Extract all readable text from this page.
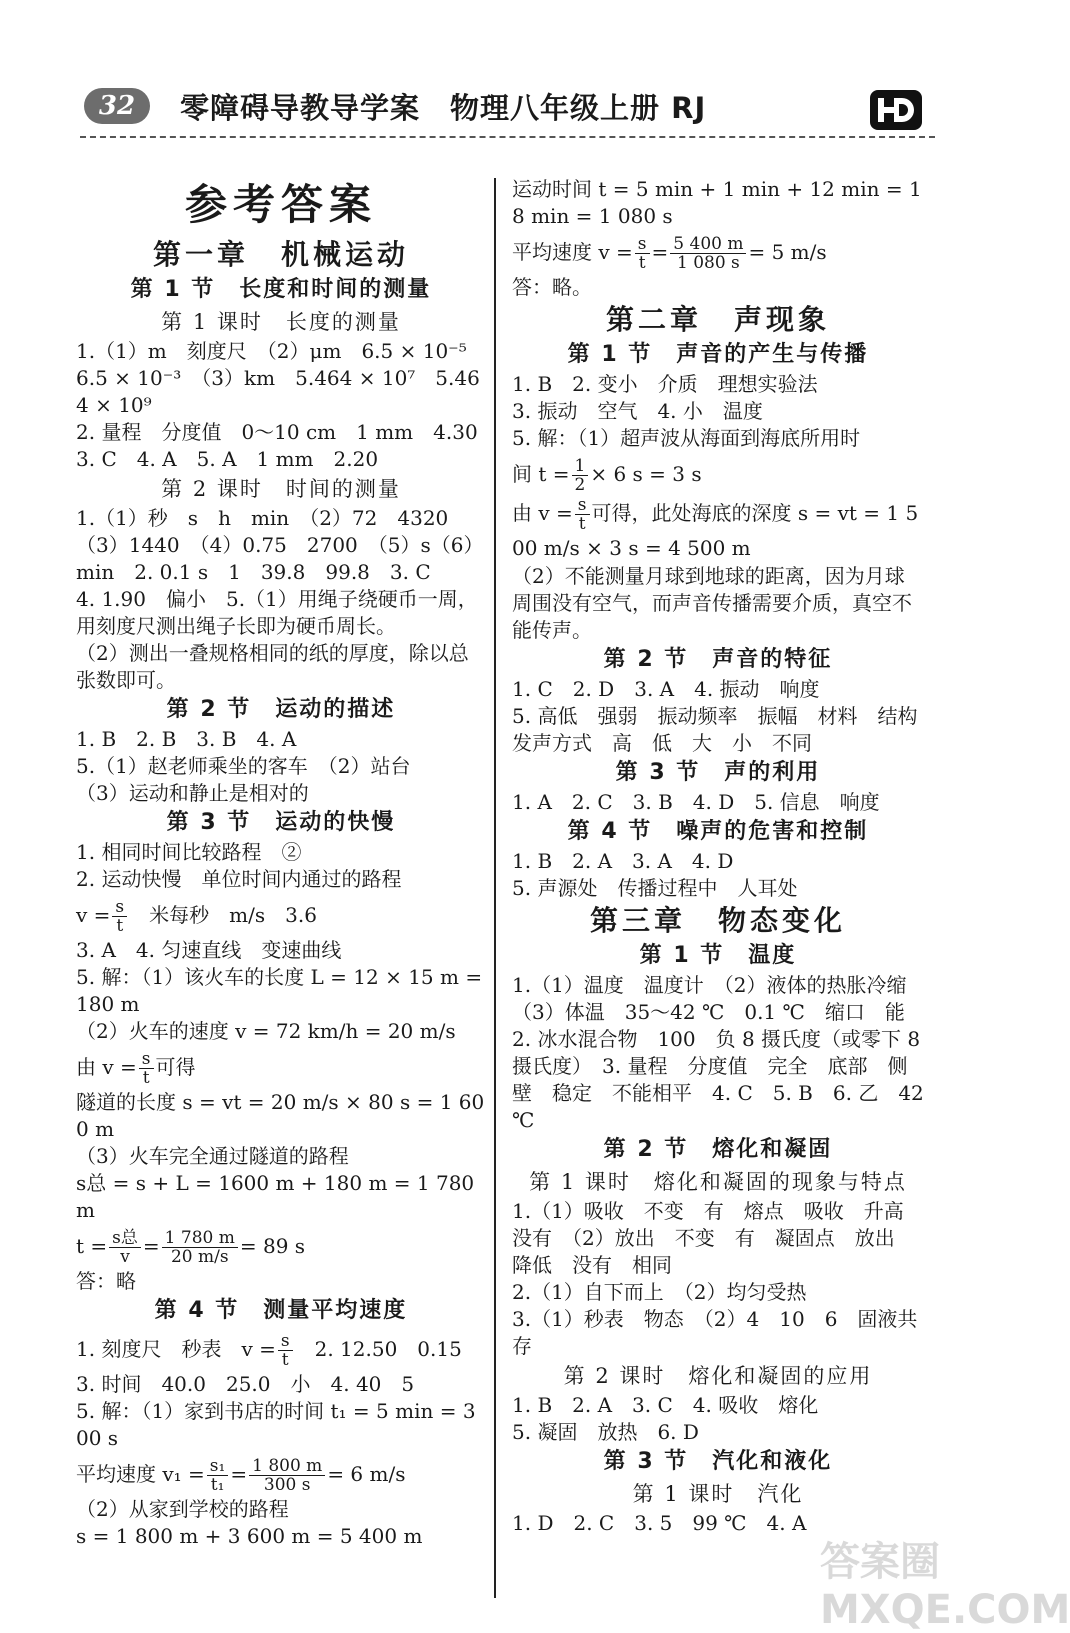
32	零障碍导教导学案 物理八年级上册 RJ

参考答案

第一章　机械运动

第 1 节　长度和时间的测量

第 1 课时　长度的测量

1.（1）m　刻度尺　（2）μm　6.5 × 10⁻⁵　6.5 × 10⁻³　（3）km　5.464 × 10⁷　5.464 × 10⁹

2. 量程　分度值　0～10 cm　1 mm　4.30

3. C　4. A　5. A　1 mm　2.20

第 2 课时　时间的测量

1.（1）秒　s　h　min　（2）72　4320（3）1440　（4）0.75　2700　（5）s（6）min　2. 0.1 s　1　39.8　99.8　3. C

4. 1.90　偏小　5.（1）用绳子绕硬币一周，用刻度尺测出绳子长即为硬币周长。

（2）测出一叠规格相同的纸的厚度，除以总张数即可。

第 2 节　运动的描述

1. B　2. B　3. B　4. A

5.（1）赵老师乘坐的客车　（2）站台

（3）运动和静止是相对的

第 3 节　运动的快慢

1. 相同时间比较路程　②

2. 运动快慢　单位时间内通过的路程

$v = \frac{s}{t}$
　 米每秒　m/s　3.6

3. A　4. 匀速直线　变速曲线

5. 解：（1）该火车的长度 L = 12 × 15 m = 180 m

（2）火车的速度 v = 72 km/h = 20 m/s

由 $v = \frac{s}{t}$ 可得

隧道的长度 s = vt = 20 m/s × 80 s = 1 600 m

（3）火车完全通过隧道的路程

s总 = s + L = 1600 m + 180 m = 1 780 m

$t = \frac{\text{s总}}{v} = \frac{1 780 m}{20 m/s} = 89$ s

答：略

第 4 节　测量平均速度

1. 刻度尺　秒表　$v = \frac{s}{t}$
　 2. 12.50　0.15

3. 时间　40.0　25.0　小　4. 40　5

5. 解：（1）家到书店的时间 t₁ = 5 min = 300 s

平均速度 $v_1 = \frac{\text{s₁}}{\text{t₁}} = \frac{1 800 m}{300 s} = 6$ m/s

（2）从家到学校的路程

s = 1 800 m + 3 600 m = 5 400 m

运动时间 t = 5 min + 1 min + 12 min = 18 min = 1 080 s

平均速度 $v = \frac{s}{t} = \frac{5 400 m}{1 080 s} = 5$ m/s

答：略。

第二章　声现象

第 1 节　声音的产生与传播

1. B　2. 变小　介质　理想实验法

3. 振动　空气　4. 小　温度

5. 解：（1）超声波从海面到海底所用时

间 $t = \frac{1}{2} \times 6$ s = 3 s

由 $v = \frac{s}{t}$ 可得，此处海底的深度 s = vt = 1 500 m/s × 3 s = 4 500 m

（2）不能测量月球到地球的距离，因为月球周围没有空气，而声音传播需要介质，真空不能传声。

第 2 节　声音的特征

1. C　2. D　3. A　4. 振动　响度

5. 高低　强弱　振动频率　振幅　材料　结构　发声方式　高　低　大　小　不同

第 3 节　声的利用

1. A　2. C　3. B　4. D　5. 信息　响度

第 4 节　噪声的危害和控制

1. B　2. A　3. A　4. D

5. 声源处　传播过程中　人耳处

第三章　物态变化

第 1 节　温度

1.（1）温度　温度计　（2）液体的热胀冷缩　（3）体温　35～42 ℃　0.1 ℃　缩口　能　2. 冰水混合物　100　负 8 摄氏度（或零下 8 摄氏度）　3. 量程　分度值　完全　底部　侧壁　稳定　不能相平　4. C　5. B　6. 乙　42 ℃

第 2 节　熔化和凝固

第 1 课时　熔化和凝固的现象与特点

1.（1）吸收　不变　有　熔点　吸收　升高　没有　（2）放出　不变　有　凝固点　放出　降低　没有　相同

2.（1）自下而上　（2）均匀受热

3.（1）秒表　物态　（2）4　10　6　固液共存

第 2 课时　熔化和凝固的应用

1. B　2. A　3. C　4. 吸收　熔化

5. 凝固　放热　6. D

第 3 节　汽化和液化

第 1 课时　汽化

1. D　2. C　3. 5　99 ℃　4. A

答案圈 MXQE.COM
